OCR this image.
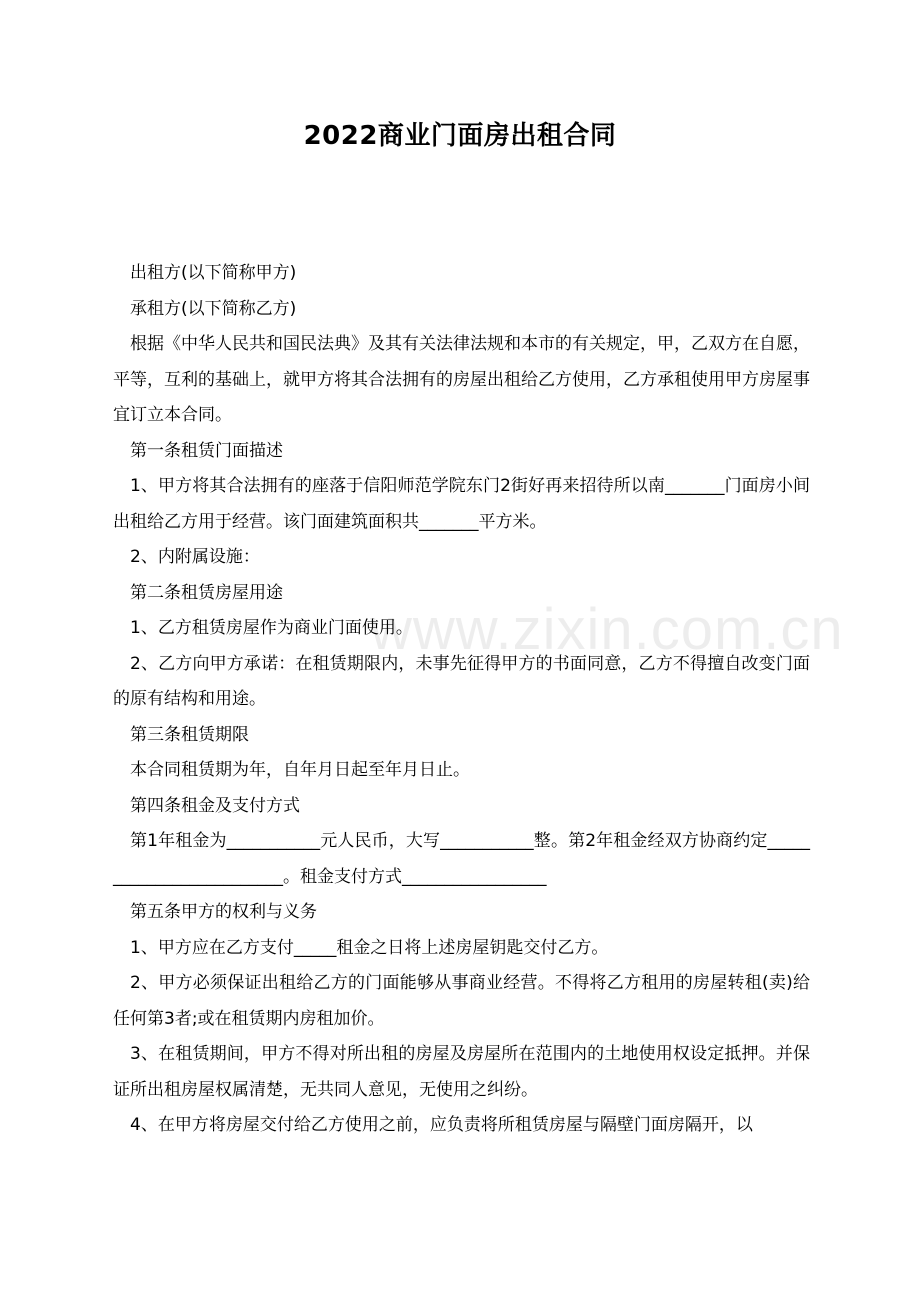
2022商业门面房出租合同

出租方(以下简称甲方)

承租方(以下简称乙方)

根据《中华人民共和国民法典》及其有关法律法规和本市的有关规定，甲，乙双方在自愿，平等，互利的基础上，就甲方将其合法拥有的房屋出租给乙方使用，乙方承租使用甲方房屋事宜订立本合同。

第一条租赁门面描述

1、甲方将其合法拥有的座落于信阳师范学院东门2街好再来招待所以南_______门面房小间出租给乙方用于经营。该门面建筑面积共_______平方米。

2、内附属设施：

第二条租赁房屋用途

1、乙方租赁房屋作为商业门面使用。

2、乙方向甲方承诺：在租赁期限内，未事先征得甲方的书面同意，乙方不得擅自改变门面的原有结构和用途。

第三条租赁期限

本合同租赁期为年，自年月日起至年月日止。

第四条租金及支付方式

第1年租金为___________元人民币，大写___________整。第2年租金经双方协商约定_________________________。租金支付方式_________________

第五条甲方的权利与义务

1、甲方应在乙方支付_____租金之日将上述房屋钥匙交付乙方。

2、甲方必须保证出租给乙方的门面能够从事商业经营。不得将乙方租用的房屋转租(卖)给任何第3者;或在租赁期内房租加价。

3、在租赁期间，甲方不得对所出租的房屋及房屋所在范围内的土地使用权设定抵押。并保证所出租房屋权属清楚，无共同人意见，无使用之纠纷。

4、在甲方将房屋交付给乙方使用之前，应负责将所租赁房屋与隔壁门面房隔开，以

www.zixin.com.cn
